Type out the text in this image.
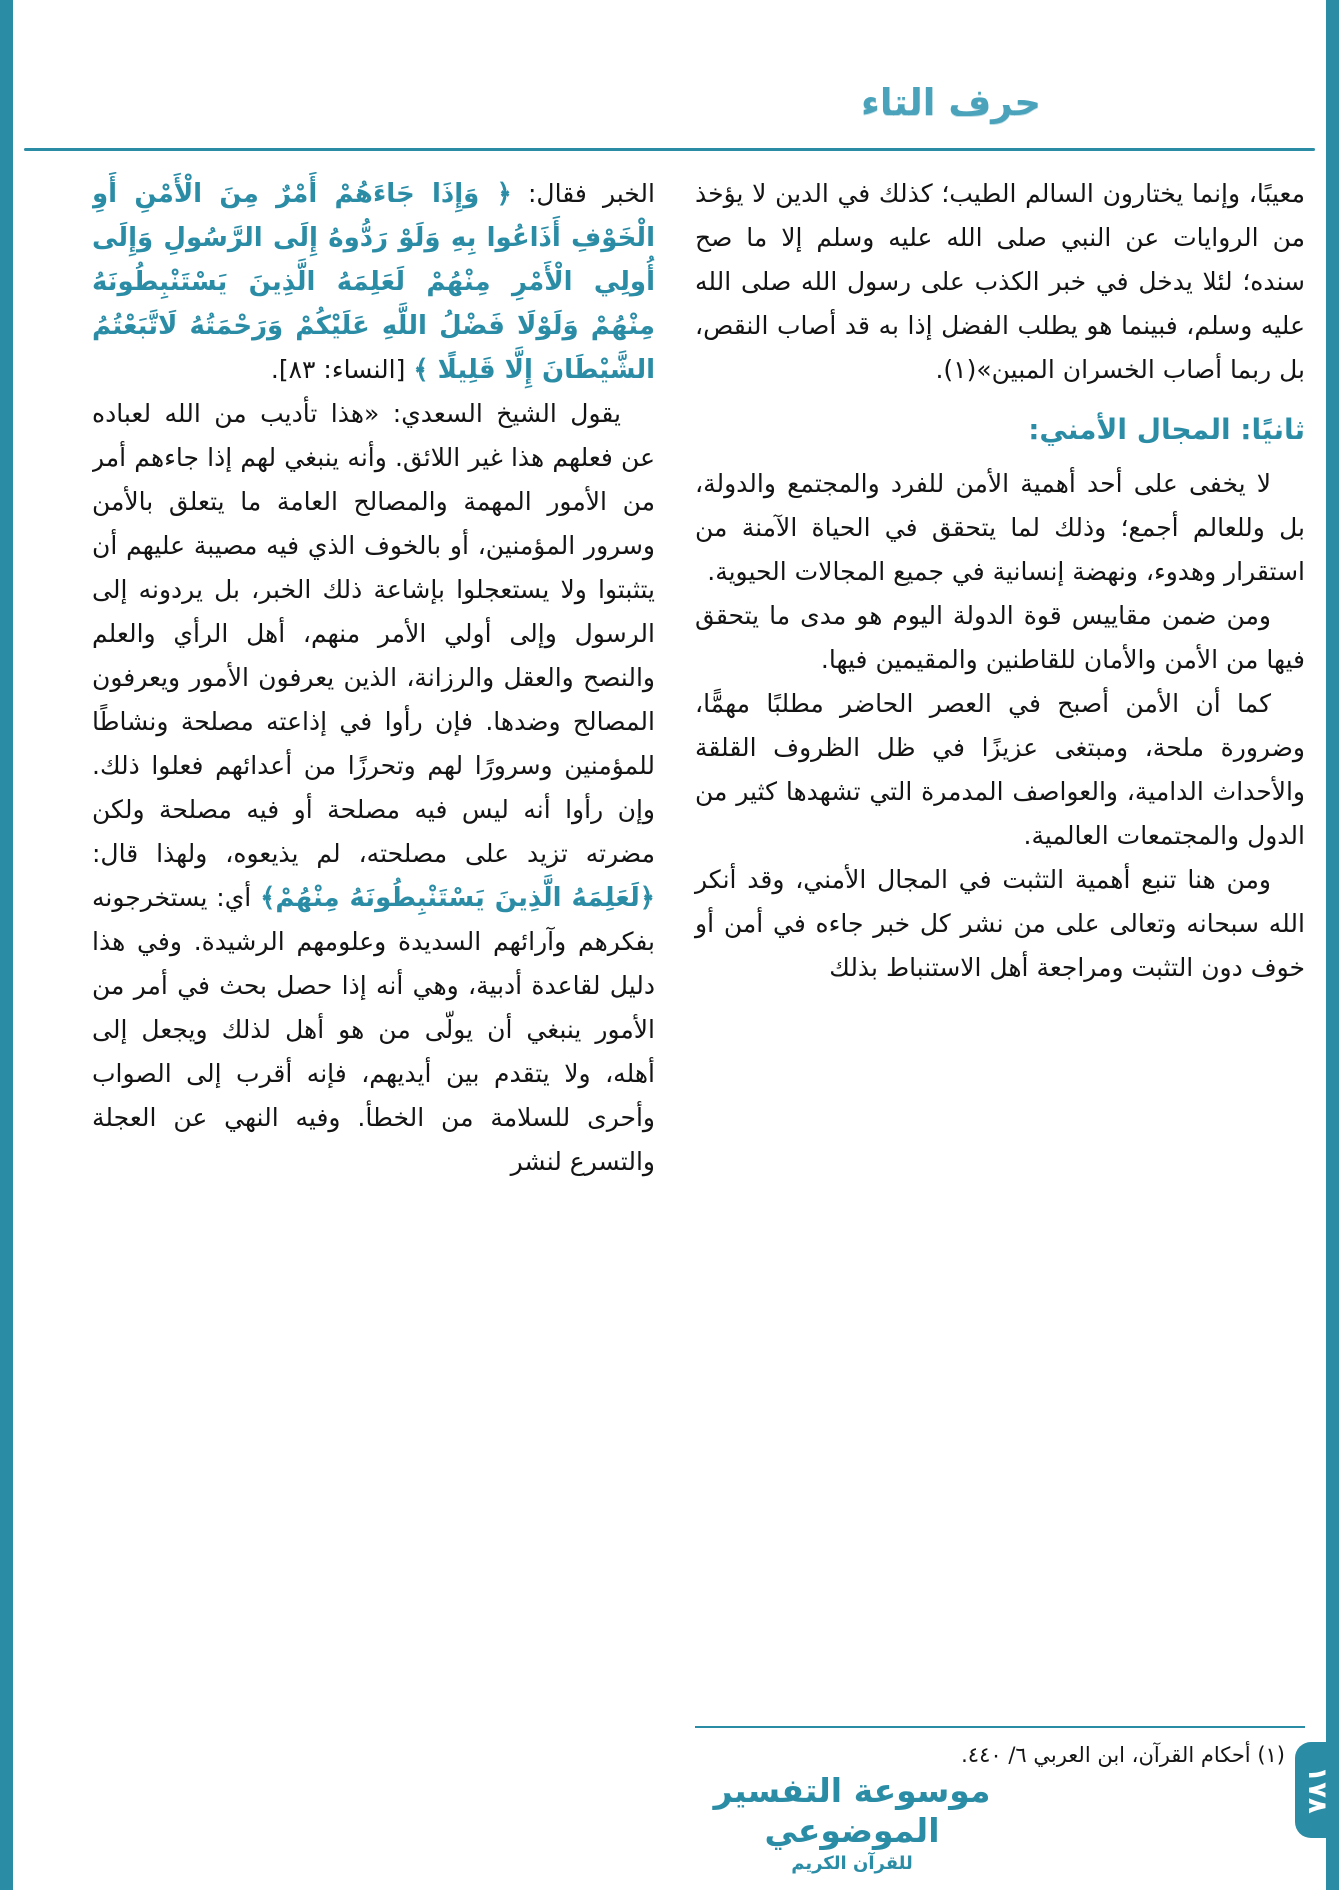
حرف التاء

معيبًا، وإنما يختارون السالم الطيب؛ كذلك في الدين لا يؤخذ من الروايات عن النبي صلى الله عليه وسلم إلا ما صح سنده؛ لئلا يدخل في خبر الكذب على رسول الله صلى الله عليه وسلم، فبينما هو يطلب الفضل إذا به قد أصاب النقص، بل ربما أصاب الخسران المبين»(١).

ثانيًا: المجال الأمني:

لا يخفى على أحد أهمية الأمن للفرد والمجتمع والدولة، بل وللعالم أجمع؛ وذلك لما يتحقق في الحياة الآمنة من استقرار وهدوء، ونهضة إنسانية في جميع المجالات الحيوية.

ومن ضمن مقاييس قوة الدولة اليوم هو مدى ما يتحقق فيها من الأمن والأمان للقاطنين والمقيمين فيها.

كما أن الأمن أصبح في العصر الحاضر مطلبًا مهمًّا، وضرورة ملحة، ومبتغى عزيزًا في ظل الظروف القلقة والأحداث الدامية، والعواصف المدمرة التي تشهدها كثير من الدول والمجتمعات العالمية.

ومن هنا تنبع أهمية التثبت في المجال الأمني، وقد أنكر الله سبحانه وتعالى على من نشر كل خبر جاءه في أمن أو خوف دون التثبت ومراجعة أهل الاستنباط بذلك

(١) أحكام القرآن، ابن العربي ٦/ ٤٤٠.

الخبر فقال: ﴿ وَإِذَا جَاءَهُمْ أَمْرٌ مِنَ الْأَمْنِ أَوِ الْخَوْفِ أَذَاعُوا بِهِ وَلَوْ رَدُّوهُ إِلَى الرَّسُولِ وَإِلَى أُولِي الْأَمْرِ مِنْهُمْ لَعَلِمَهُ الَّذِينَ يَسْتَنْبِطُونَهُ مِنْهُمْ وَلَوْلَا فَضْلُ اللَّهِ عَلَيْكُمْ وَرَحْمَتُهُ لَاتَّبَعْتُمُ الشَّيْطَانَ إِلَّا قَلِيلًا ﴾ [النساء: ٨٣].

يقول الشيخ السعدي: «هذا تأديب من الله لعباده عن فعلهم هذا غير اللائق. وأنه ينبغي لهم إذا جاءهم أمر من الأمور المهمة والمصالح العامة ما يتعلق بالأمن وسرور المؤمنين، أو بالخوف الذي فيه مصيبة عليهم أن يتثبتوا ولا يستعجلوا بإشاعة ذلك الخبر، بل يردونه إلى الرسول وإلى أولي الأمر منهم، أهل الرأي والعلم والنصح والعقل والرزانة، الذين يعرفون الأمور ويعرفون المصالح وضدها. فإن رأوا في إذاعته مصلحة ونشاطًا للمؤمنين وسرورًا لهم وتحرزًا من أعدائهم فعلوا ذلك. وإن رأوا أنه ليس فيه مصلحة أو فيه مصلحة ولكن مضرته تزيد على مصلحته، لم يذيعوه، ولهذا قال: ﴿لَعَلِمَهُ الَّذِينَ يَسْتَنْبِطُونَهُ مِنْهُمْ﴾ أي: يستخرجونه بفكرهم وآرائهم السديدة وعلومهم الرشيدة. وفي هذا دليل لقاعدة أدبية، وهي أنه إذا حصل بحث في أمر من الأمور ينبغي أن يولّى من هو أهل لذلك ويجعل إلى أهله، ولا يتقدم بين أيديهم، فإنه أقرب إلى الصواب وأحرى للسلامة من الخطأ. وفيه النهي عن العجلة والتسرع لنشر

موسوعة التفسير الموضوعي
للقرآن الكريم
١٧٨
